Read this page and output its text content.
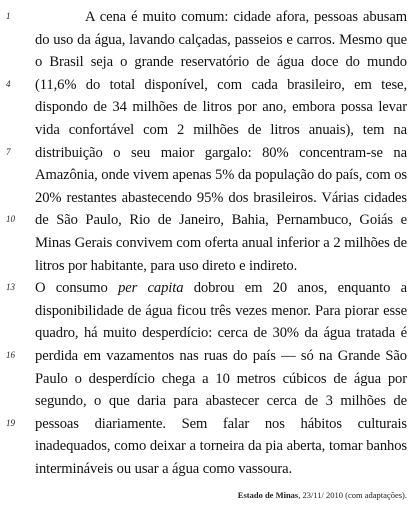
1
4
7
10
13
16
19

A cena é muito comum: cidade afora, pessoas abusam do uso da água, lavando calçadas, passeios e carros. Mesmo que o Brasil seja o grande reservatório de água doce do mundo (11,6% do total disponível, com cada brasileiro, em tese, dispondo de 34 milhões de litros por ano, embora possa levar vida confortável com 2 milhões de litros anuais), tem na distribuição o seu maior gargalo: 80% concentram-se na Amazônia, onde vivem apenas 5% da população do país, com os 20% restantes abastecendo 95% dos brasileiros. Várias cidades de São Paulo, Rio de Janeiro, Bahia, Pernambuco, Goiás e Minas Gerais convivem com oferta anual inferior a 2 milhões de litros por habitante, para uso direto e indireto.

O consumo per capita dobrou em 20 anos, enquanto a disponibilidade de água ficou três vezes menor. Para piorar esse quadro, há muito desperdício: cerca de 30% da água tratada é perdida em vazamentos nas ruas do país — só na Grande São Paulo o desperdício chega a 10 metros cúbicos de água por segundo, o que daria para abastecer cerca de 3 milhões de pessoas diariamente. Sem falar nos hábitos culturais inadequados, como deixar a torneira da pia aberta, tomar banhos intermináveis ou usar a água como vassoura.

Estado de Minas, 23/11/ 2010 (com adaptações).
